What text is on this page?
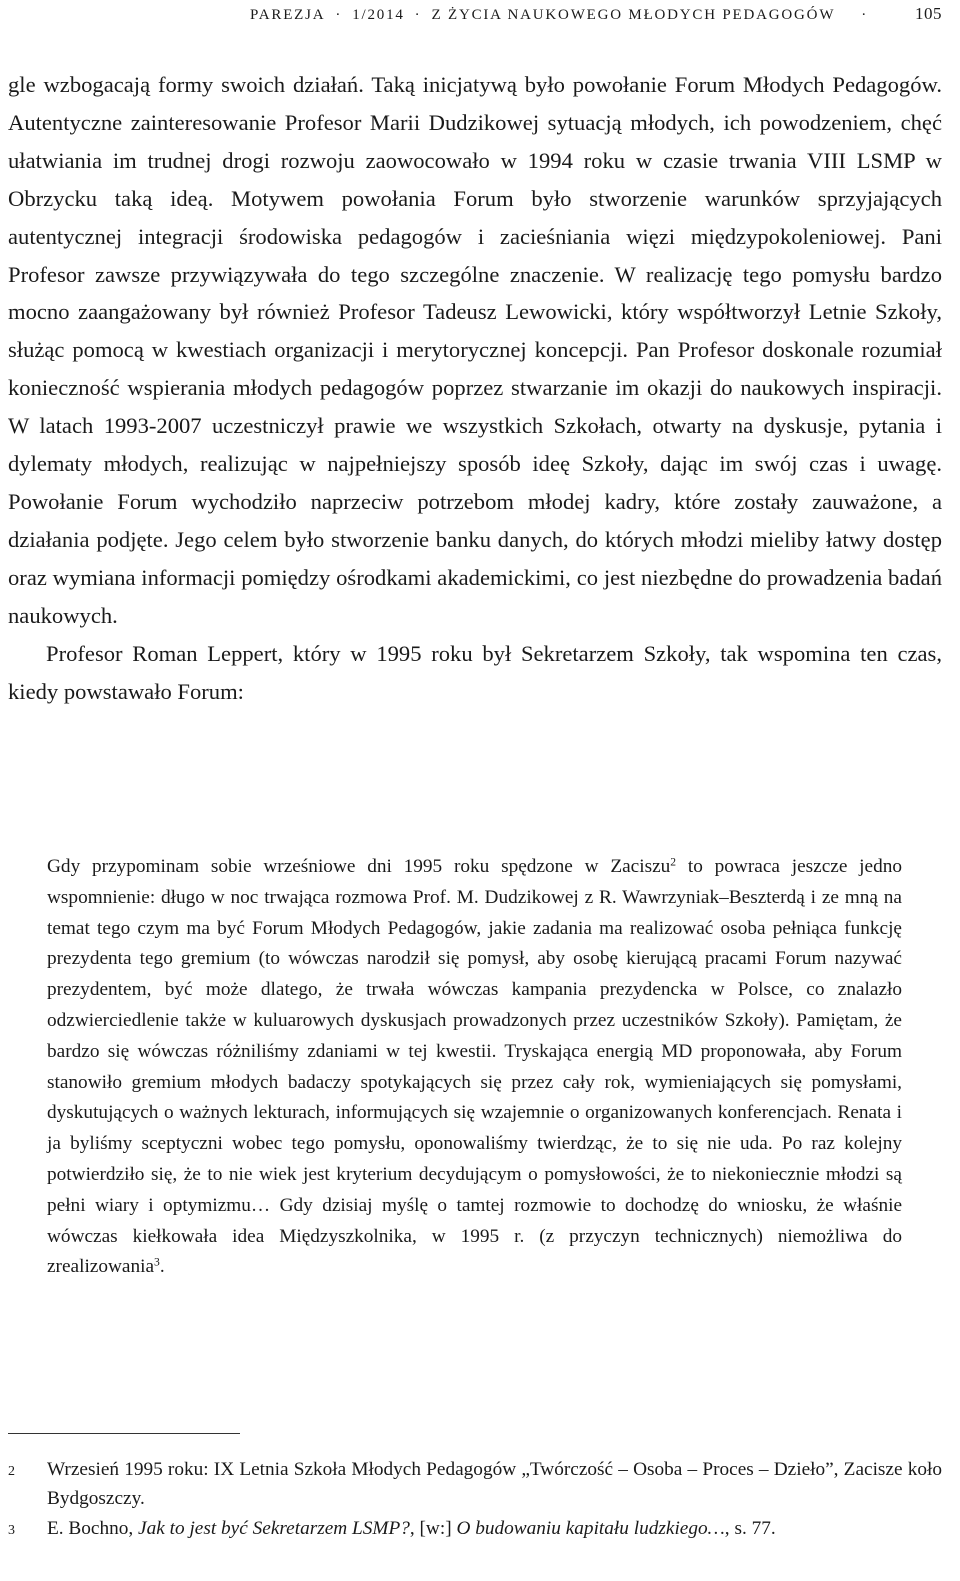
PAREZJA · 1/2014 · Z ŻYCIA NAUKOWEGO MŁODYCH PEDAGOGÓW ·	105

gle wzbogacają formy swoich działań. Taką inicjatywą było powołanie Forum Młodych Pedagogów. Autentyczne zainteresowanie Profesor Marii Dudzikowej sytuacją młodych, ich powodzeniem, chęć ułatwiania im trudnej drogi rozwoju zaowocowało w 1994 roku w czasie trwania VIII LSMP w Obrzycku taką ideą. Motywem powołania Forum było stworzenie warunków sprzyjających autentycznej integracji środowiska pedagogów i zacieśniania więzi międzypokoleniowej. Pani Profesor zawsze przywiązywała do tego szczególne znaczenie. W realizację tego pomysłu bardzo mocno zaangażowany był również Profesor Tadeusz Lewowicki, który współtworzył Letnie Szkoły, służąc pomocą w kwestiach organizacji i merytorycznej koncepcji. Pan Profesor doskonale rozumiał konieczność wspierania młodych pedagogów poprzez stwarzanie im okazji do naukowych inspiracji. W latach 1993-2007 uczestniczył prawie we wszystkich Szkołach, otwarty na dyskusje, pytania i dylematy młodych, realizując w najpełniejszy sposób ideę Szkoły, dając im swój czas i uwagę. Powołanie Forum wychodziło naprzeciw potrzebom młodej kadry, które zostały zauważone, a działania podjęte. Jego celem było stworzenie banku danych, do których młodzi mieliby łatwy dostęp oraz wymiana informacji pomiędzy ośrodkami akademickimi, co jest niezbędne do prowadzenia badań naukowych.

Profesor Roman Leppert, który w 1995 roku był Sekretarzem Szkoły, tak wspomina ten czas, kiedy powstawało Forum:

Gdy przypominam sobie wrześniowe dni 1995 roku spędzone w Zaciszu$^2$ to powraca jeszcze jedno wspomnienie: długo w noc trwająca rozmowa Prof. M. Dudzikowej z R. Wawrzyniak–Beszterdą i ze mną na temat tego czym ma być Forum Młodych Pedagogów, jakie zadania ma realizować osoba pełniąca funkcję prezydenta tego gremium (to wówczas narodził się pomysł, aby osobę kierującą pracami Forum nazywać prezydentem, być może dlatego, że trwała wówczas kampania prezydencka w Polsce, co znalazło odzwierciedlenie także w kuluarowych dyskusjach prowadzonych przez uczestników Szkoły). Pamiętam, że bardzo się wówczas różniliśmy zdaniami w tej kwestii. Tryskająca energią MD proponowała, aby Forum stanowiło gremium młodych badaczy spotykających się przez cały rok, wymieniających się pomysłami, dyskutujących o ważnych lekturach, informujących się wzajemnie o organizowanych konferencjach. Renata i ja byliśmy sceptyczni wobec tego pomysłu, oponowaliśmy twierdząc, że to się nie uda. Po raz kolejny potwierdziło się, że to nie wiek jest kryterium decydującym o pomysłowości, że to niekoniecznie młodzi są pełni wiary i optymizmu… Gdy dzisiaj myślę o tamtej rozmowie to dochodzę do wniosku, że właśnie wówczas kiełkowała idea Międzyszkolnika, w 1995 r. (z przyczyn technicznych) niemożliwa do zrealizowania$^3$.

2	Wrzesień 1995 roku: IX Letnia Szkoła Młodych Pedagogów „Twórczość – Osoba – Proces – Dzieło”, Zacisze koło Bydgoszczy.
3	E. Bochno, Jak to jest być Sekretarzem LSMP?, [w:] O budowaniu kapitału ludzkiego…, s. 77.
